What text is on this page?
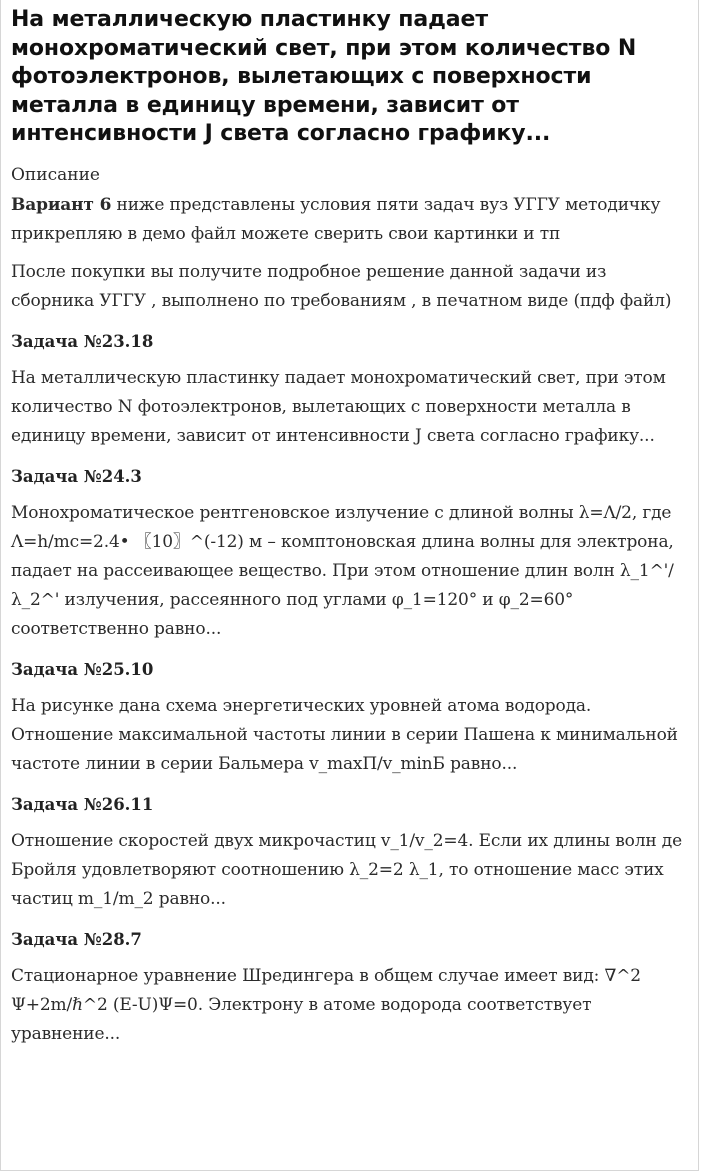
На металлическую пластинку падает монохроматический свет, при этом количество N фотоэлектронов, вылетающих с поверхности металла в единицу времени, зависит от интенсивности J света согласно графику...
Описание

Вариант 6 ниже представлены условия пяти задач вуз УГГУ методичку прикрепляю в демо файл можете сверить свои картинки и тп

После покупки вы получите подробное решение данной задачи из сборника УГГУ , выполнено по требованиям , в печатном виде (пдф файл)

Задача №23.18

На металлическую пластинку падает монохроматический свет, при этом количество N фотоэлектронов, вылетающих с поверхности металла в единицу времени, зависит от интенсивности J света согласно графику...

Задача №24.3

Монохроматическое рентгеновское излучение с длиной волны λ=Λ/2, где Λ=h/mc=2.4• 〖10〗^(-12) м – комптоновская длина волны для электрона, падает на рассеивающее вещество. При этом отношение длин волн λ_1^'/λ_2^' излучения, рассеянного под углами φ_1=120° и φ_2=60° соответственно равно...

Задача №25.10

На рисунке дана схема энергетических уровней атома водорода. Отношение максимальной частоты линии в серии Пашена к минимальной частоте линии в серии Бальмера v_maxП/v_minБ равно...

Задача №26.11

Отношение скоростей двух микрочастиц v_1/v_2=4. Если их длины волн де Бройля удовлетворяют соотношению λ_2=2 λ_1, то отношение масс этих частиц m_1/m_2 равно...

Задача №28.7

Стационарное уравнение Шредингера в общем случае имеет вид: ∇^2 Ψ+2m/ℏ^2 (E-U)Ψ=0. Электрону в атоме водорода соответствует уравнение...
